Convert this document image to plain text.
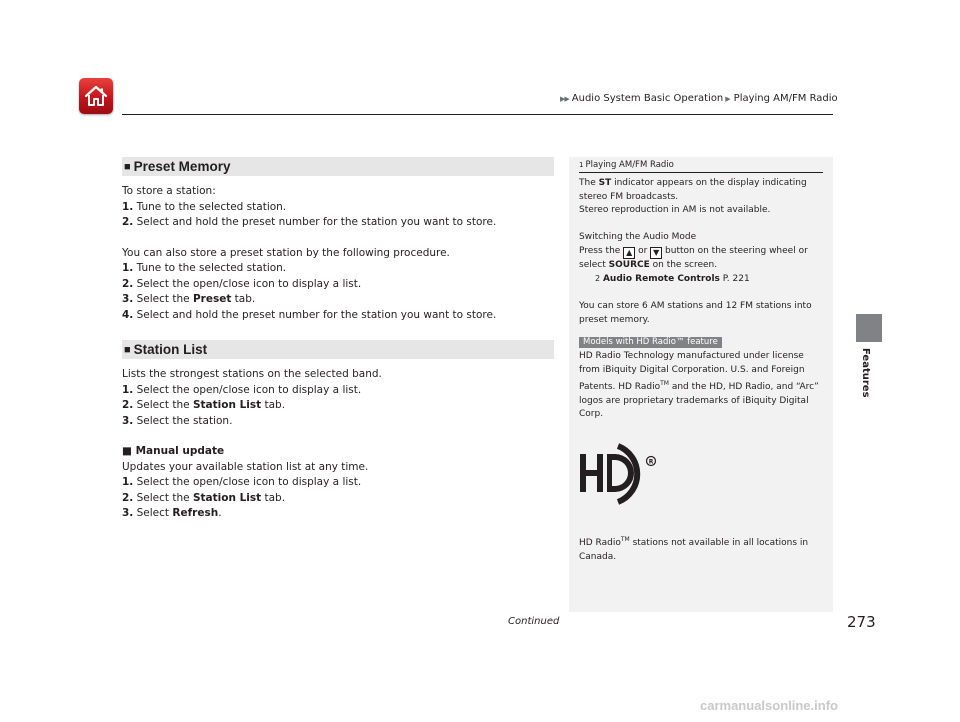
▶▶ Audio System Basic Operation ▶ Playing AM/FM Radio
Features
■ Preset Memory

To store a station:

1. Tune to the selected station.

2. Select and hold the preset number for the station you want to store.

You can also store a preset station by the following procedure.

1. Tune to the selected station.

2. Select the open/close icon to display a list.

3. Select the Preset tab.

4. Select and hold the preset number for the station you want to store.

■ Station List

Lists the strongest stations on the selected band.

1. Select the open/close icon to display a list.

2. Select the Station List tab.

3. Select the station.

■ Manual update

Updates your available station list at any time.

1. Select the open/close icon to display a list.

2. Select the Station List tab.

3. Select Refresh.

1 Playing AM/FM Radio

The ST indicator appears on the display indicating stereo FM broadcasts.

Stereo reproduction in AM is not available.

Switching the Audio Mode

Press the ▲ or ▼ button on the steering wheel or select SOURCE on the screen.

2 Audio Remote Controls P. 221

You can store 6 AM stations and 12 FM stations into preset memory.

Models with HD Radio™ feature

HD Radio Technology manufactured under license from iBiquity Digital Corporation. U.S. and Foreign Patents. HD Radio™ and the HD, HD Radio, and “Arc” logos are proprietary trademarks of iBiquity Digital Corp.

R

HD Radio™ stations not available in all locations in Canada.

Continued	273
carmanualsonline.info
